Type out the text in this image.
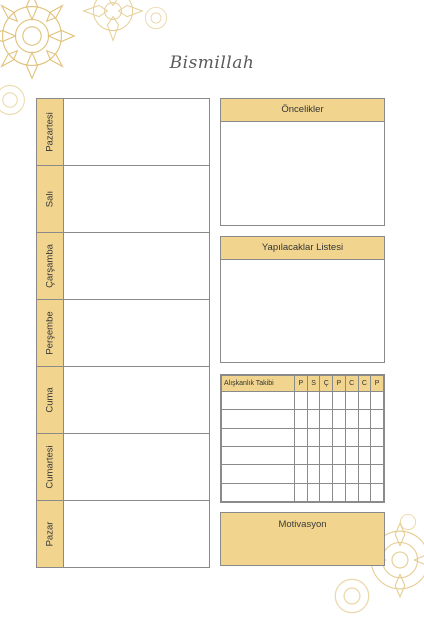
Bismillah
Pazartesi
Salı
Çarşamba
Perşembe
Cuma
Cumartesi
Pazar
Öncelikler
Yapılacaklar Listesi
Alışkanlık Takibi	P	S	Ç	P	C	C	P

Motivasyon
